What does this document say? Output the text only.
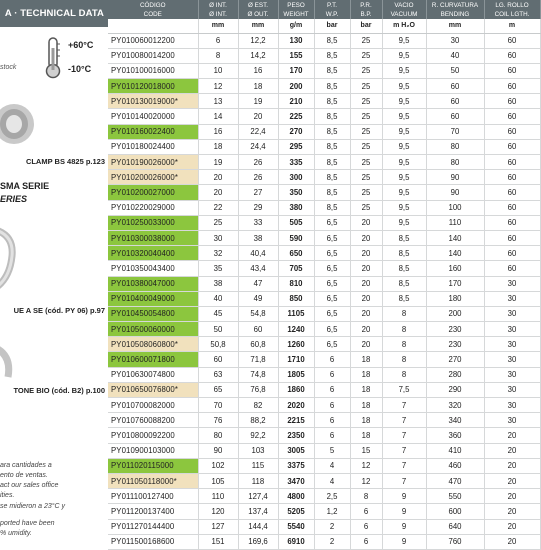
A · TECHNICAL DATA
+60°C
-10°C
stock
CLAMP BS 4825 p.123
SMA SERIE
ERIES
UE A SE (cód. PY 06) p.97
TONE BIO (cód. B2) p.100
ara cantidades a
ento de ventas.
act our sales office
ities.
se midieron a 23°C y
ported have been
% umidity.
CÓDIGO	Ø INT.	Ø EST.	PESO	P.T.	P.R.	VACIO	R. CURVATURA	LG. ROLLO
CODE	Ø INT.	Ø OUT.	WEIGHT	W.P.	B.P.	VACUUM	BENDING	COIL LGTH.
	mm	mm	g/m	bar	bar	m H₂O	mm	m
PY010060012200	6	12,2	130	8,5	25	9,5	30	60
PY010080014200	8	14,2	155	8,5	25	9,5	40	60
PY010100016000	10	16	170	8,5	25	9,5	50	60
PY010120018000	12	18	200	8,5	25	9,5	60	60
PY010130019000*	13	19	210	8,5	25	9,5	60	60
PY010140020000	14	20	225	8,5	25	9,5	60	60
PY010160022400	16	22,4	270	8,5	25	9,5	70	60
PY010180024400	18	24,4	295	8,5	25	9,5	80	60
PY010190026000*	19	26	335	8,5	25	9,5	80	60
PY010200026000*	20	26	300	8,5	25	9,5	90	60
PY010200027000	20	27	350	8,5	25	9,5	90	60
PY010220029000	22	29	380	8,5	25	9,5	100	60
PY010250033000	25	33	505	6,5	20	9,5	110	60
PY010300038000	30	38	590	6,5	20	8,5	140	60
PY010320040400	32	40,4	650	6,5	20	8,5	140	60
PY010350043400	35	43,4	705	6,5	20	8,5	160	60
PY010380047000	38	47	810	6,5	20	8,5	170	30
PY010400049000	40	49	850	6,5	20	8,5	180	30
PY010450054800	45	54,8	1105	6,5	20	8	200	30
PY010500060000	50	60	1240	6,5	20	8	230	30
PY010508060800*	50,8	60,8	1260	6,5	20	8	230	30
PY010600071800	60	71,8	1710	6	18	8	270	30
PY010630074800	63	74,8	1805	6	18	8	280	30
PY010650076800*	65	76,8	1860	6	18	7,5	290	30
PY010700082000	70	82	2020	6	18	7	320	30
PY010760088200	76	88,2	2215	6	18	7	340	30
PY010800092200	80	92,2	2350	6	18	7	360	20
PY010900103000	90	103	3005	5	15	7	410	20
PY011020115000	102	115	3375	4	12	7	460	20
PY011050118000*	105	118	3470	4	12	7	470	20
PY011100127400	110	127,4	4800	2,5	8	9	550	20
PY011200137400	120	137,4	5205	1,2	6	9	600	20
PY011270144400	127	144,4	5540	2	6	9	640	20
PY011500168600	151	169,6	6910	2	6	9	760	20
